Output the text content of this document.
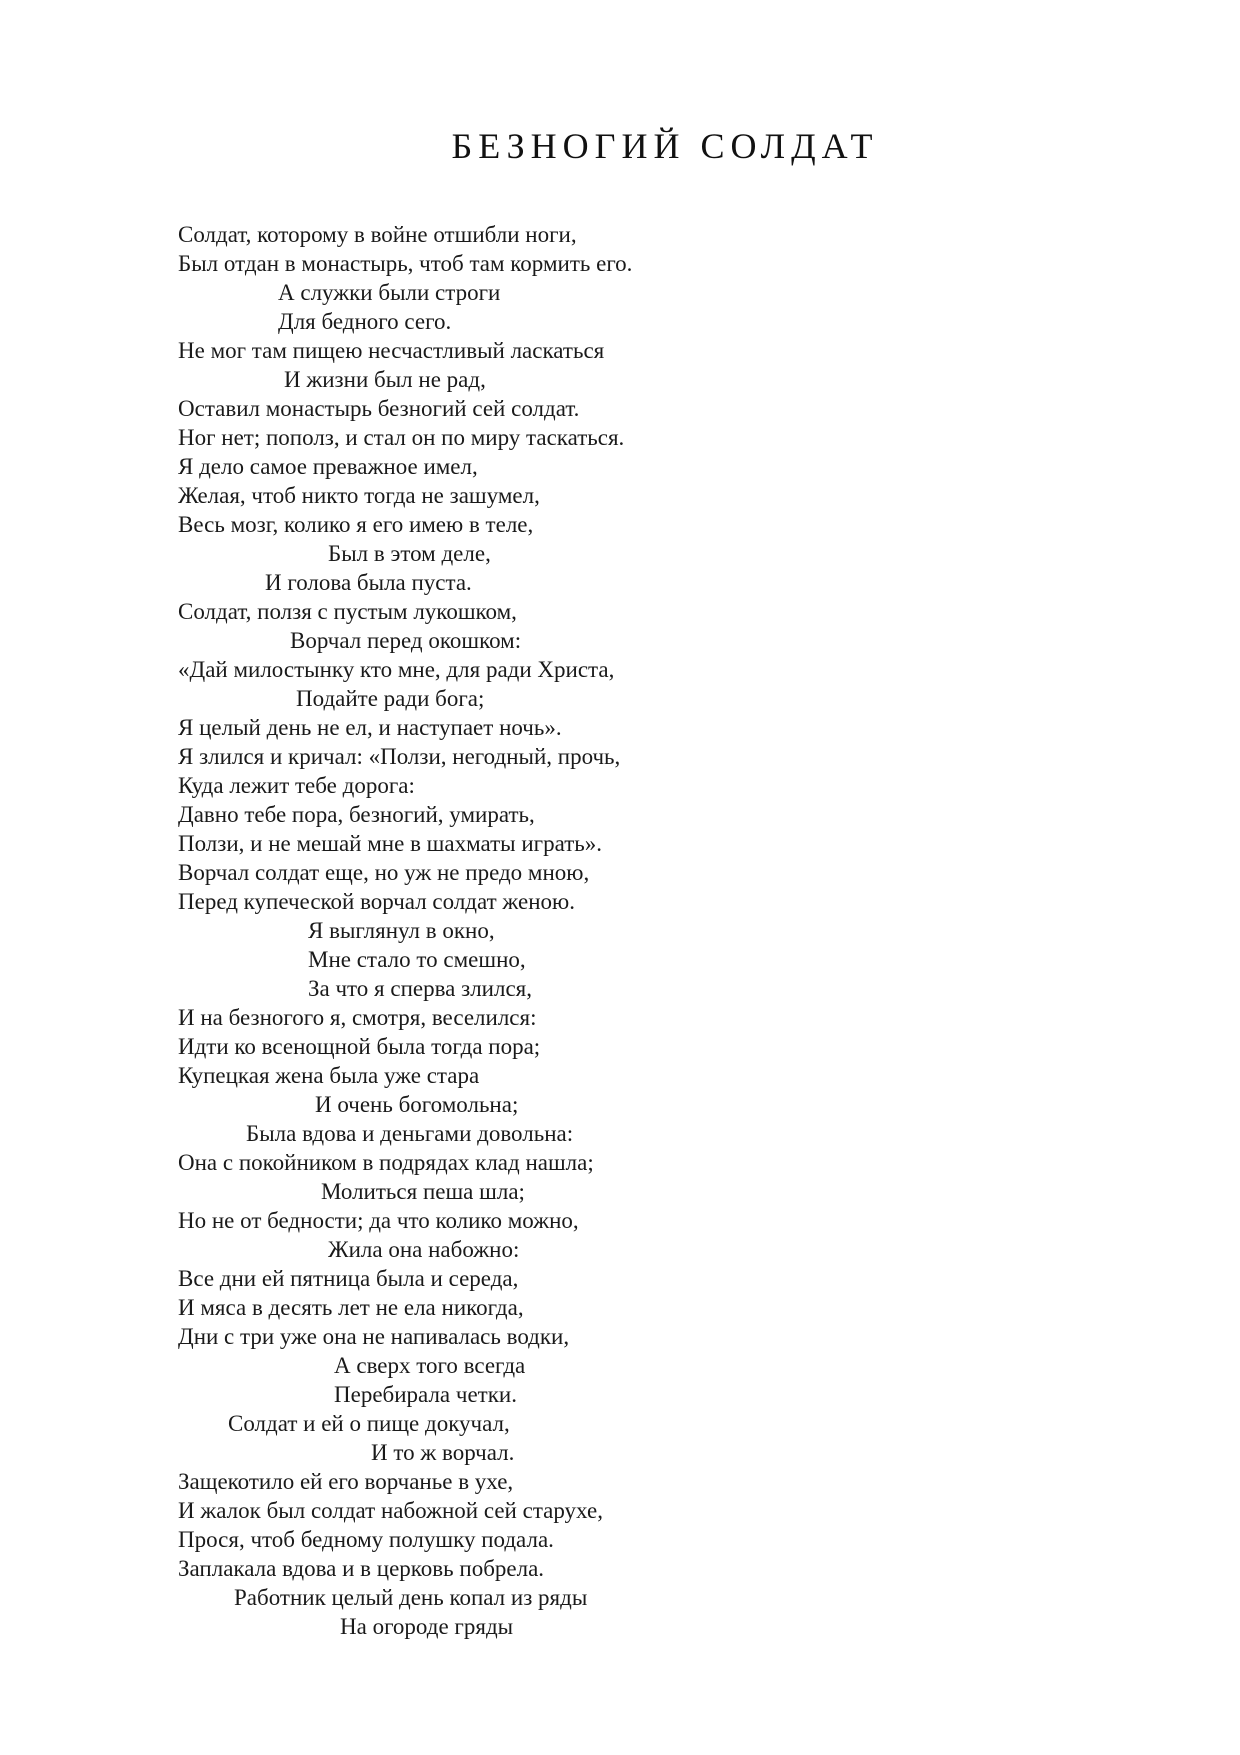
БЕЗНОГИЙ СОЛДАТ
Солдат, которому в войне отшибли ноги,
Был отдан в монастырь, чтоб там кормить его.
А служки были строги
Для бедного сего.
Не мог там пищею несчастливый ласкаться
И жизни был не рад,
Оставил монастырь безногий сей солдат.
Ног нет; пополз, и стал он по миру таскаться.
Я дело самое преважное имел,
Желая, чтоб никто тогда не зашумел,
Весь мозг, колико я его имею в теле,
Был в этом деле,
И голова была пуста.
Солдат, ползя с пустым лукошком,
Ворчал перед окошком:
«Дай милостынку кто мне, для ради Христа,
Подайте ради бога;
Я целый день не ел, и наступает ночь».
Я злился и кричал: «Ползи, негодный, прочь,
Куда лежит тебе дорога:
Давно тебе пора, безногий, умирать,
Ползи, и не мешай мне в шахматы играть».
Ворчал солдат еще, но уж не предо мною,
Перед купеческой ворчал солдат женою.
Я выглянул в окно,
Мне стало то смешно,
За что я сперва злился,
И на безногого я, смотря, веселился:
Идти ко всенощной была тогда пора;
Купецкая жена была уже стара
И очень богомольна;
Была вдова и деньгами довольна:
Она с покойником в подрядах клад нашла;
Молиться пеша шла;
Но не от бедности; да что колико можно,
Жила она набожно:
Все дни ей пятница была и середа,
И мяса в десять лет не ела никогда,
Дни с три уже она не напивалась водки,
А сверх того всегда
Перебирала четки.
Солдат и ей о пище докучал,
И то ж ворчал.
Защекотило ей его ворчанье в ухе,
И жалок был солдат набожной сей старухе,
Прося, чтоб бедному полушку подала.
Заплакала вдова и в церковь побрела.
Работник целый день копал из ряды
На огороде гряды
